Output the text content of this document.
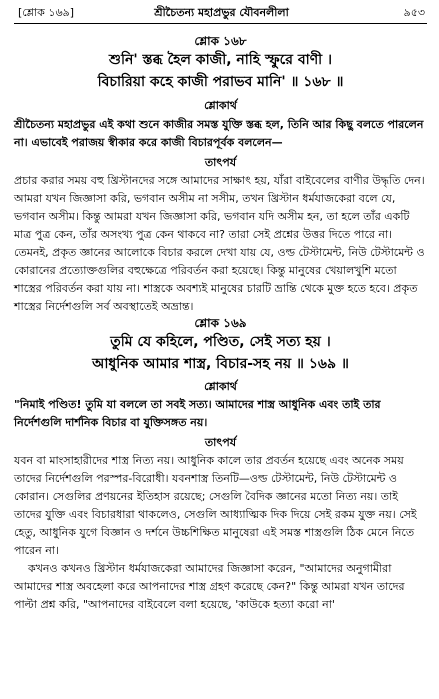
[শ্লোক ১৬৯]	শ্রীচৈতন্য মহাপ্রভুর যৌবনলীলা	৯৫৩
শ্লোক ১৬৮
শুনি' স্তব্ধ হৈল কাজী, নাহি স্ফুরে বাণী ।
বিচারিয়া কহে কাজী পরাভব মানি' ॥ ১৬৮ ॥
শ্লোকার্থ

শ্রীচৈতন্য মহাপ্রভুর এই কথা শুনে কাজীর সমস্ত যুক্তি স্তব্ধ হল, তিনি আর কিছু বলতে পারলেন না। এভাবেই পরাজয় স্বীকার করে কাজী বিচারপূর্বক বললেন—

তাৎপর্য

প্রচার করার সময় বহু খ্রিস্টানদের সঙ্গে আমাদের সাক্ষাৎ হয়, যাঁরা বাইবেলের বাণীর উদ্ধৃতি দেন। আমরা যখন জিজ্ঞাসা করি, ভগবান অসীম না সসীম, তখন খ্রিস্টান ধর্মযাজকেরা বলে যে, ভগবান অসীম। কিন্তু আমরা যখন জিজ্ঞাসা করি, ভগবান যদি অসীম হন, তা হলে তাঁর একটি মাত্র পুত্র কেন, তাঁর অসংখ্য পুত্র কেন থাকবে না? তারা সেই প্রশ্নের উত্তর দিতে পারে না। তেমনই, প্রকৃত জ্ঞানের আলোকে বিচার করলে দেখা যায় যে, ওল্ড টেস্টামেন্ট, নিউ টেস্টামেন্ট ও কোরানের প্রত্যোক্তগুলির বহুক্ষেত্রে পরিবর্তন করা হয়েছে। কিন্তু মানুষের খেয়ালখুশি মতো শাস্ত্রের পরিবর্তন করা যায় না। শাস্ত্রকে অবশ্যই মানুষের চারটি ভ্রান্তি থেকে মুক্ত হতে হবে। প্রকৃত শাস্ত্রের নির্দেশগুলি সর্ব অবস্থাতেই অভ্রান্ত।

শ্লোক ১৬৯
তুমি যে কহিলে, পণ্ডিত, সেই সত্য হয় ।
আধুনিক আমার শাস্ত্র, বিচার-সহ নয় ॥ ১৬৯ ॥
শ্লোকার্থ

"নিমাই পণ্ডিত! তুমি যা বললে তা সবই সত্য। আমাদের শাস্ত্র আধুনিক এবং তাই তার নির্দেশগুলি দার্শনিক বিচার বা যুক্তিসঙ্গত নয়।

তাৎপর্য

যবন বা মাংসাহারীদের শাস্ত্র নিত্য নয়। আধুনিক কালে তার প্রবর্তন হয়েছে এবং অনেক সময় তাদের নির্দেশগুলি পরস্পর-বিরোধী। যবনশাস্ত্র তিনটি—ওল্ড টেস্টামেন্ট, নিউ টেস্টামেন্ট ও কোরান। সেগুলির প্রণয়নের ইতিহাস রয়েছে; সেগুলি বৈদিক জ্ঞানের মতো নিত্য নয়। তাই তাদের যুক্তি এবং বিচারধারা থাকলেও, সেগুলি আধ্যাত্মিক দিক দিয়ে সেই রকম যুক্ত নয়। সেই হেতু, আধুনিক যুগে বিজ্ঞান ও দর্শনে উচ্চশিক্ষিত মানুষেরা এই সমস্ত শাস্ত্রগুলি ঠিক মেনে নিতে পারেন না।

কখনও কখনও খ্রিস্টান ধর্মযাজকেরা আমাদের জিজ্ঞাসা করেন, "আমাদের অনুগামীরা আমাদের শাস্ত্র অবহেলা করে আপনাদের শাস্ত্র গ্রহণ করেছে কেন?" কিন্তু আমরা যখন তাদের পাল্টা প্রশ্ন করি, "আপনাদের বাইবেলে বলা হয়েছে, 'কাউকে হত্যা করো না'
